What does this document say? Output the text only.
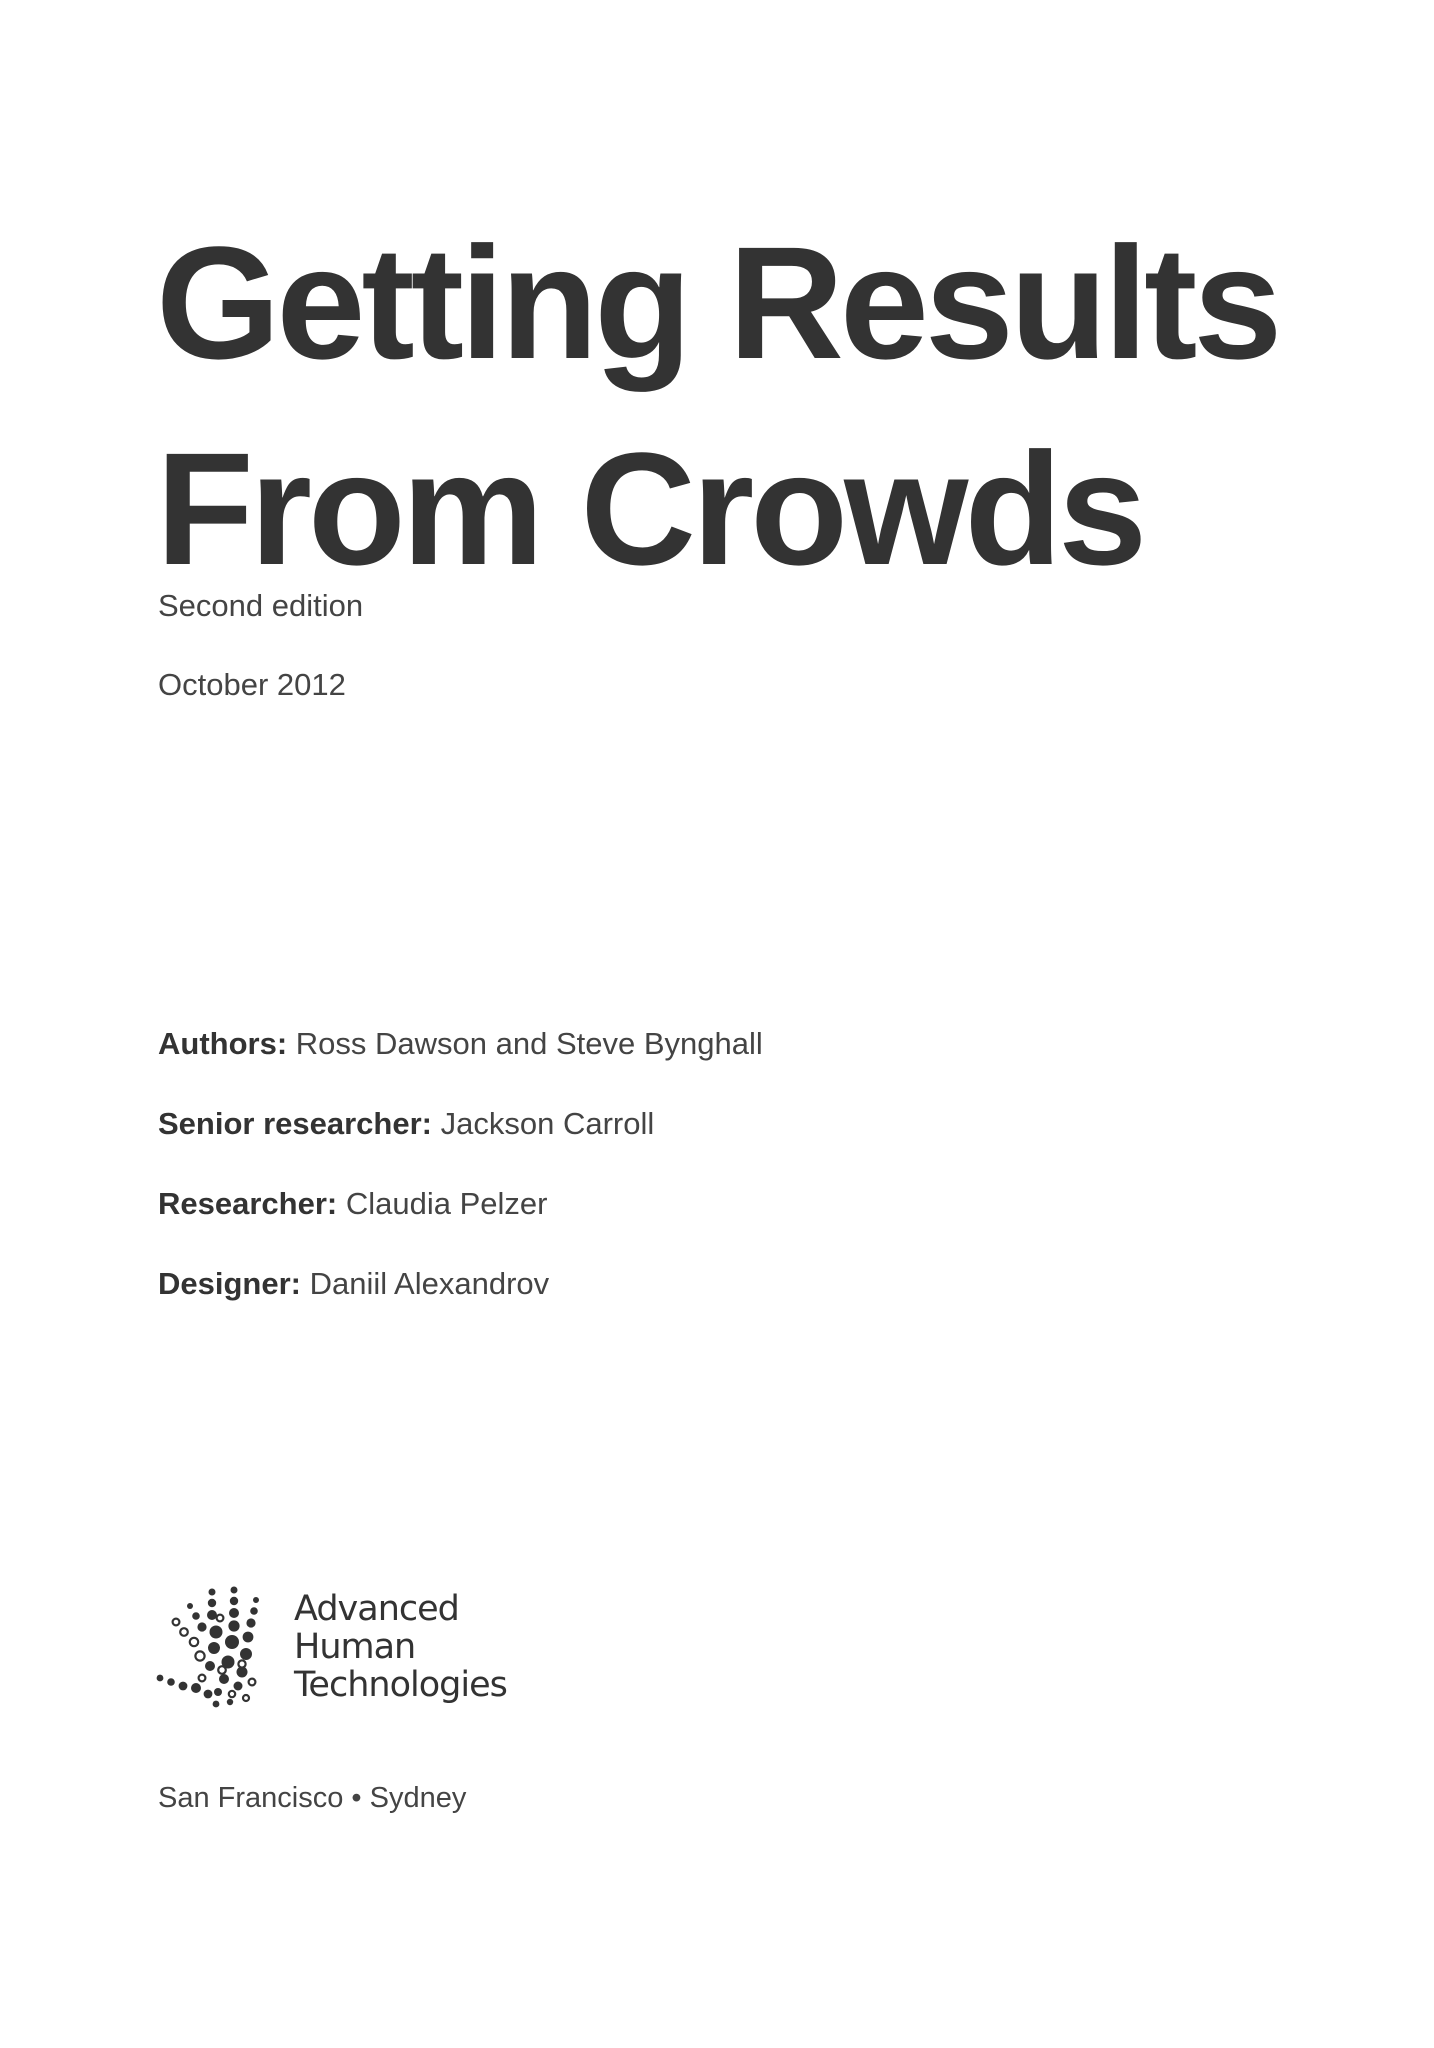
Getting Results
From Crowds
Second edition
October 2012
Authors: Ross Dawson and Steve Bynghall
Senior researcher: Jackson Carroll
Researcher: Claudia Pelzer
Designer: Daniil Alexandrov
Advanced
Human
Technologies
San Francisco • Sydney
